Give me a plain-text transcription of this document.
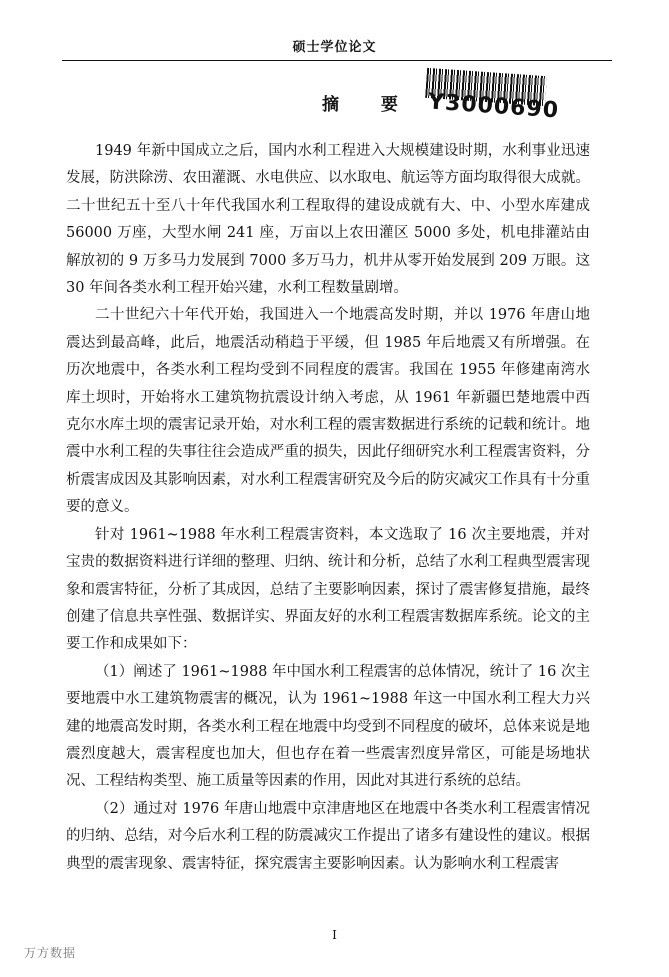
硕士学位论文
摘 要 Y3000690

1949 年新中国成立之后，国内水利工程进入大规模建设时期，水利事业迅速发展，防洪除涝、农田灌溉、水电供应、以水取电、航运等方面均取得很大成就。二十世纪五十至八十年代我国水利工程取得的建设成就有大、中、小型水库建成 56000 万座，大型水闸 241 座，万亩以上农田灌区 5000 多处，机电排灌站由解放初的 9 万多马力发展到 7000 多万马力，机井从零开始发展到 209 万眼。这 30 年间各类水利工程开始兴建，水利工程数量剧增。

二十世纪六十年代开始，我国进入一个地震高发时期，并以 1976 年唐山地震达到最高峰，此后，地震活动稍趋于平缓，但 1985 年后地震又有所增强。在历次地震中，各类水利工程均受到不同程度的震害。我国在 1955 年修建南湾水库土坝时，开始将水工建筑物抗震设计纳入考虑，从 1961 年新疆巴楚地震中西克尔水库土坝的震害记录开始，对水利工程的震害数据进行系统的记载和统计。地震中水利工程的失事往往会造成严重的损失，因此仔细研究水利工程震害资料，分析震害成因及其影响因素，对水利工程震害研究及今后的防灾减灾工作具有十分重要的意义。

针对 1961~1988 年水利工程震害资料，本文选取了 16 次主要地震，并对宝贵的数据资料进行详细的整理、归纳、统计和分析，总结了水利工程典型震害现象和震害特征，分析了其成因，总结了主要影响因素，探讨了震害修复措施，最终创建了信息共享性强、数据详实、界面友好的水利工程震害数据库系统。论文的主要工作和成果如下：

（1）阐述了 1961~1988 年中国水利工程震害的总体情况，统计了 16 次主要地震中水工建筑物震害的概况，认为 1961~1988 年这一中国水利工程大力兴建的地震高发时期，各类水利工程在地震中均受到不同程度的破坏，总体来说是地震烈度越大，震害程度也加大，但也存在着一些震害烈度异常区，可能是场地状况、工程结构类型、施工质量等因素的作用，因此对其进行系统的总结。

（2）通过对 1976 年唐山地震中京津唐地区在地震中各类水利工程震害情况的归纳、总结，对今后水利工程的防震减灾工作提出了诸多有建设性的建议。根据典型的震害现象、震害特征，探究震害主要影响因素。认为影响水利工程震害

I
万方数据
